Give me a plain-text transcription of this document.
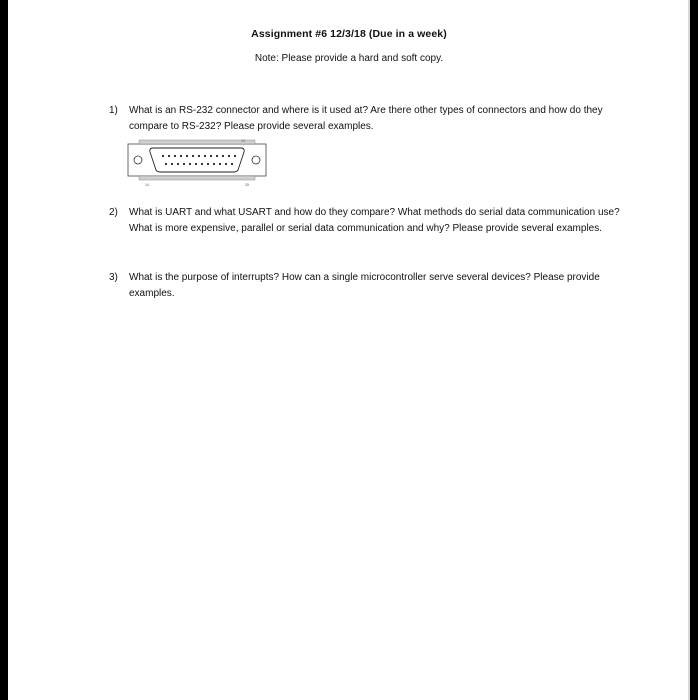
Assignment #6 12/3/18 (Due in a week)
Note: Please provide a hard and soft copy.
1)	What is an RS-232 connector and where is it used at? Are there other types of connectors and how do they compare to RS-232? Please provide several examples.
13
14	25
2)	What is UART and what USART and how do they compare? What methods do serial data communication use? What is more expensive, parallel or serial data communication and why? Please provide several examples.
3)	What is the purpose of interrupts? How can a single microcontroller serve several devices? Please provide examples.
